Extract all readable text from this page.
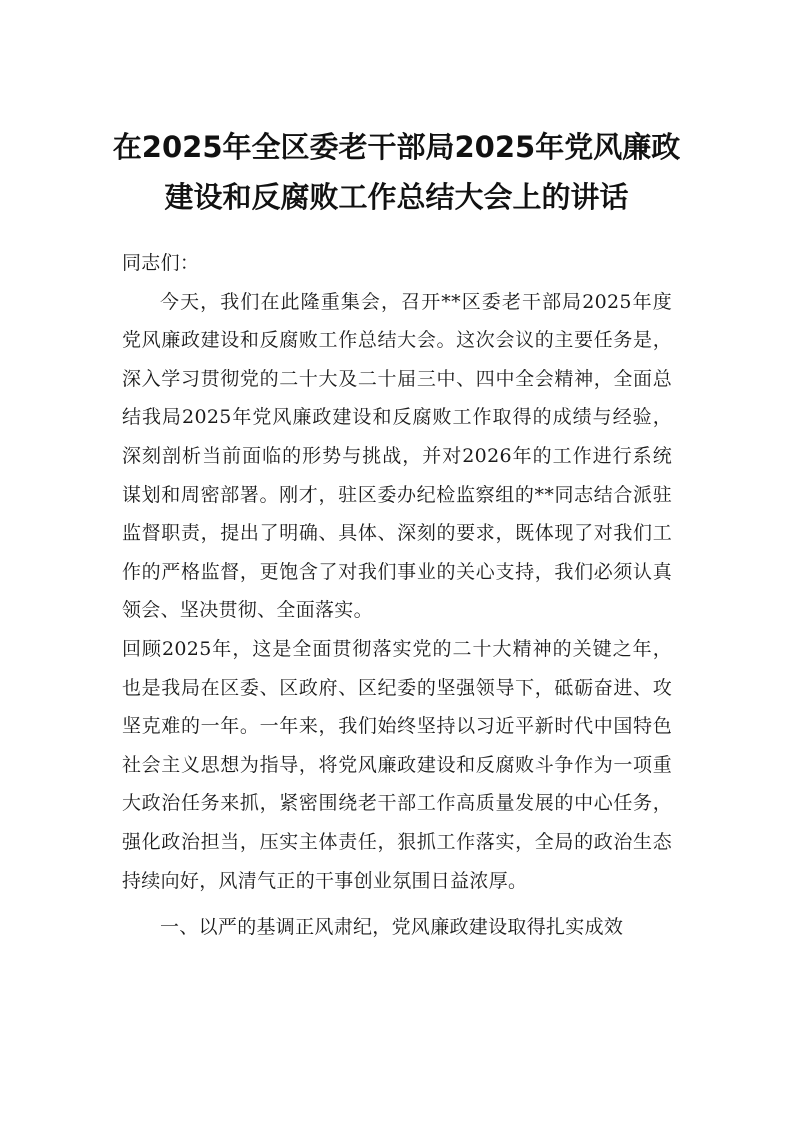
在2025年全区委老干部局2025年党风廉政
建设和反腐败工作总结大会上的讲话

同志们：

今天，我们在此隆重集会，召开**区委老干部局2025年度党风廉政建设和反腐败工作总结大会。这次会议的主要任务是，深入学习贯彻党的二十大及二十届三中、四中全会精神，全面总结我局2025年党风廉政建设和反腐败工作取得的成绩与经验，深刻剖析当前面临的形势与挑战，并对2026年的工作进行系统谋划和周密部署。刚才，驻区委办纪检监察组的**同志结合派驻监督职责，提出了明确、具体、深刻的要求，既体现了对我们工作的严格监督，更饱含了对我们事业的关心支持，我们必须认真领会、坚决贯彻、全面落实。

回顾2025年，这是全面贯彻落实党的二十大精神的关键之年，也是我局在区委、区政府、区纪委的坚强领导下，砥砺奋进、攻坚克难的一年。一年来，我们始终坚持以习近平新时代中国特色社会主义思想为指导，将党风廉政建设和反腐败斗争作为一项重大政治任务来抓，紧密围绕老干部工作高质量发展的中心任务，强化政治担当，压实主体责任，狠抓工作落实，全局的政治生态持续向好，风清气正的干事创业氛围日益浓厚。

一、以严的基调正风肃纪，党风廉政建设取得扎实成效
